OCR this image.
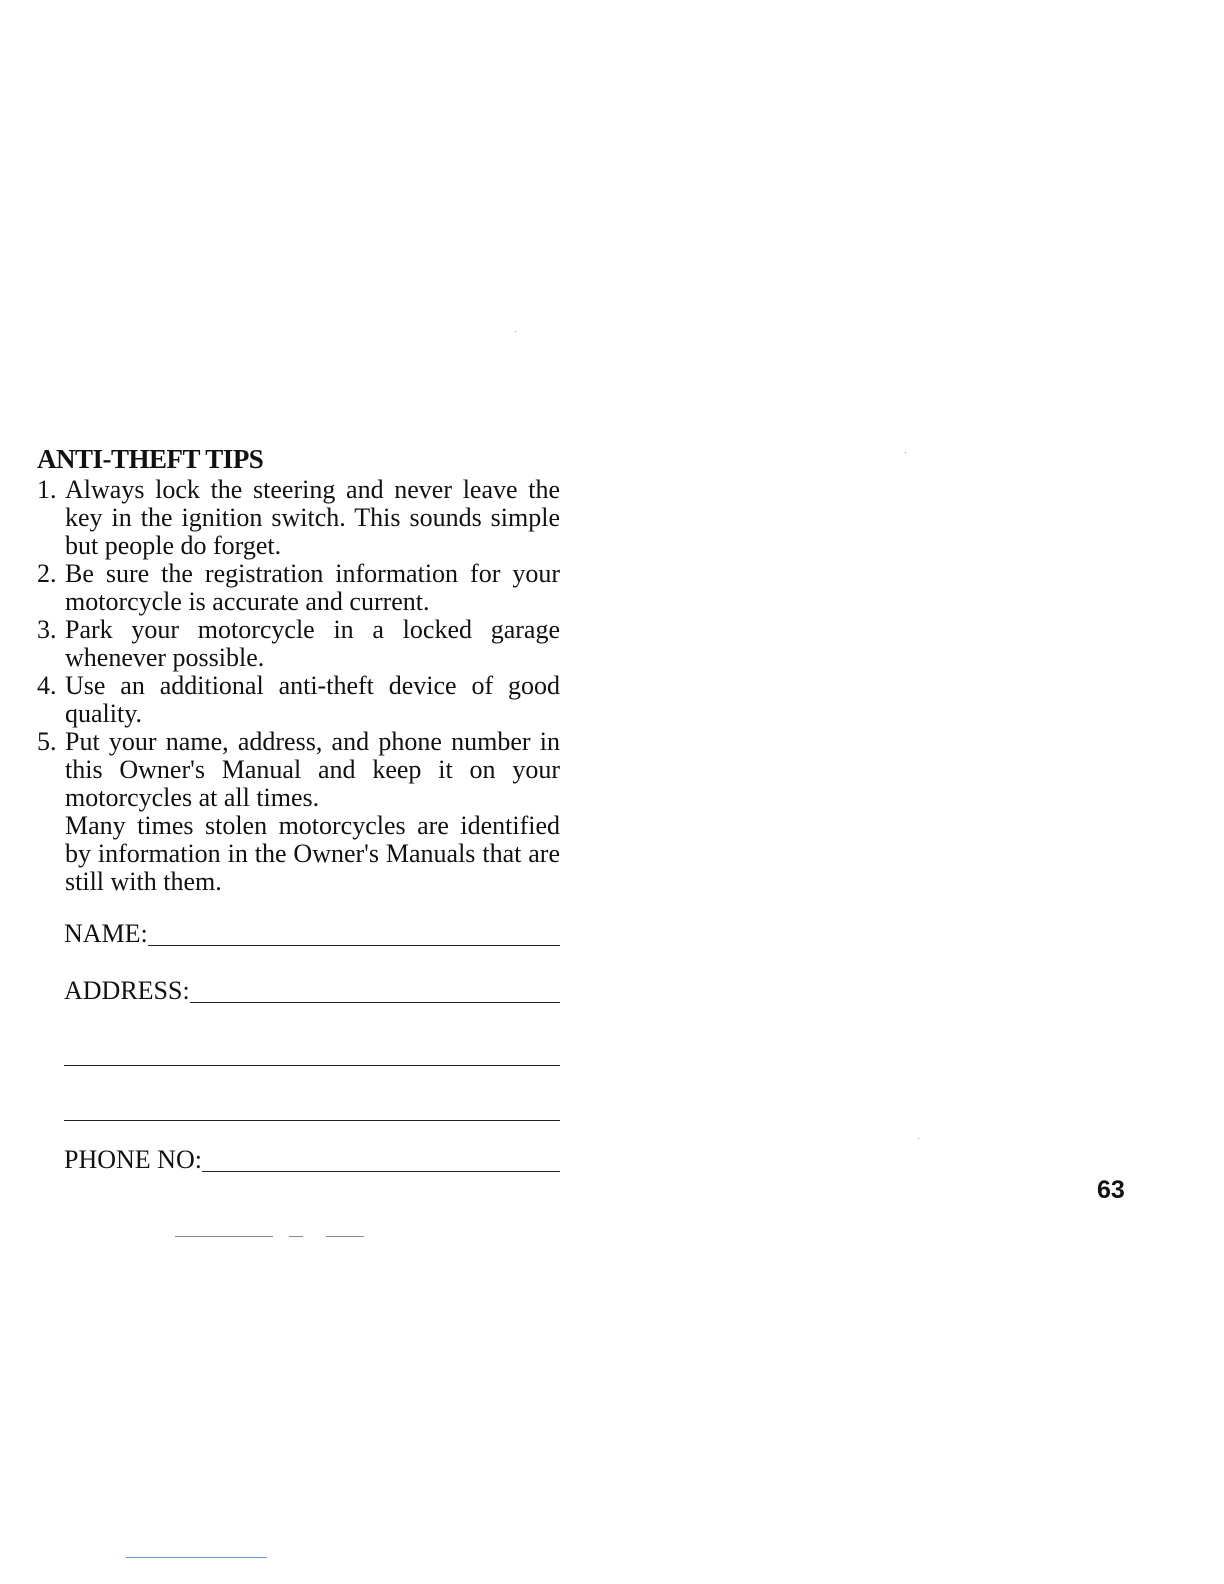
ANTI-THEFT TIPS
1. Always lock the steering and never leave the key in the ignition switch. This sounds simple but people do forget.
2. Be sure the registration information for your motorcycle is accurate and current.
3. Park your motorcycle in a locked garage whenever possible.
4. Use an additional anti-theft device of good quality.
5. Put your name, address, and phone number in this Owner's Manual and keep it on your motorcycles at all times.
Many times stolen motorcycles are identified by information in the Owner's Manuals that are still with them.
NAME:
ADDRESS:
PHONE NO:
63
